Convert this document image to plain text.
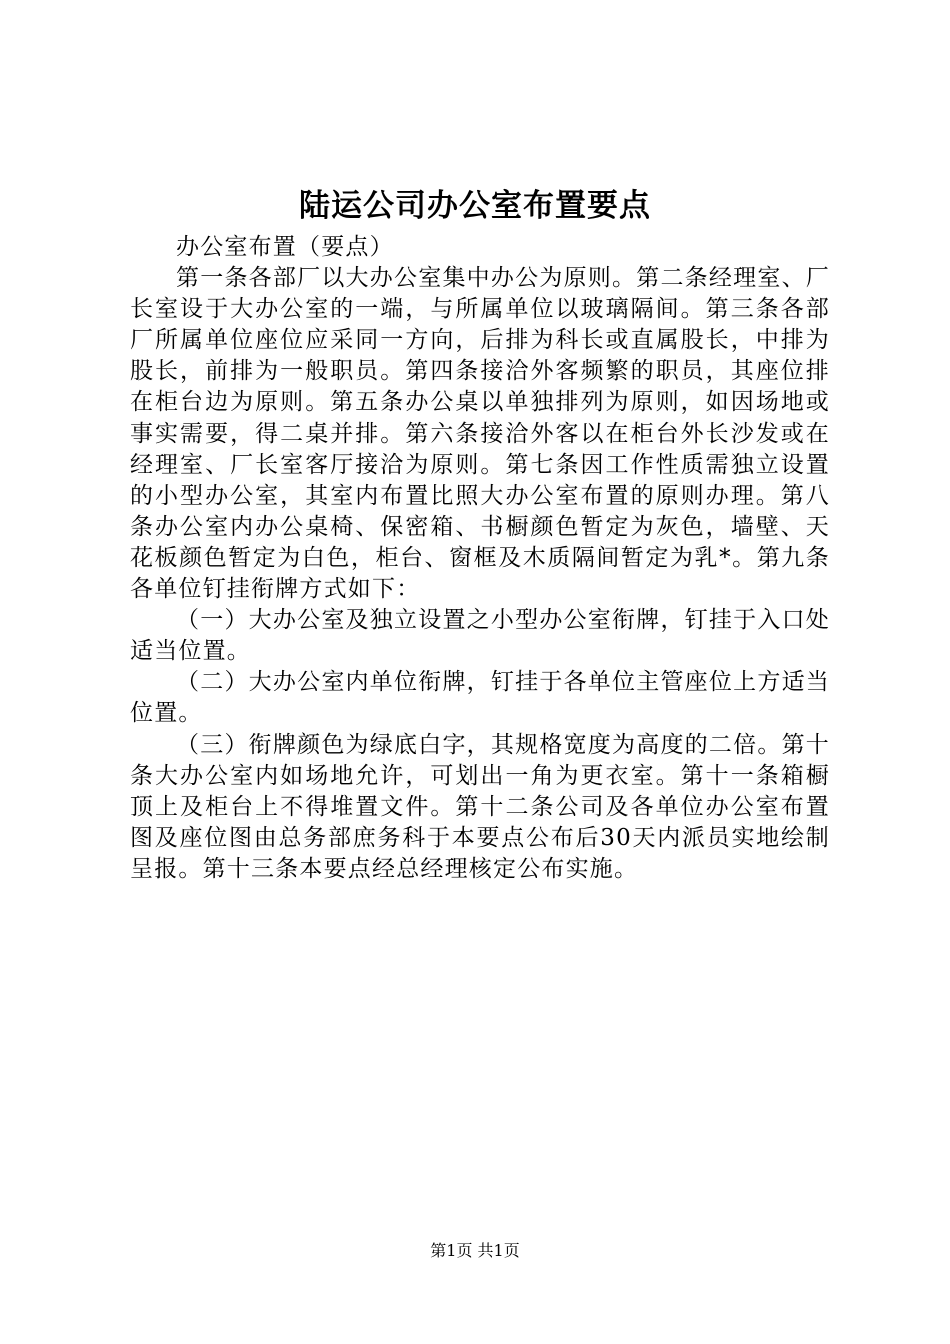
陆运公司办公室布置要点

办公室布置（要点）

第一条各部厂以大办公室集中办公为原则。第二条经理室、厂长室设于大办公室的一端，与所属单位以玻璃隔间。第三条各部厂所属单位座位应采同一方向，后排为科长或直属股长，中排为股长，前排为一般职员。第四条接洽外客频繁的职员，其座位排在柜台边为原则。第五条办公桌以单独排列为原则，如因场地或事实需要，得二桌并排。第六条接洽外客以在柜台外长沙发或在经理室、厂长室客厅接洽为原则。第七条因工作性质需独立设置的小型办公室，其室内布置比照大办公室布置的原则办理。第八条办公室内办公桌椅、保密箱、书橱颜色暂定为灰色，墙壁、天花板颜色暂定为白色，柜台、窗框及木质隔间暂定为乳*。第九条各单位钉挂衔牌方式如下：

（一）大办公室及独立设置之小型办公室衔牌，钉挂于入口处适当位置。

（二）大办公室内单位衔牌，钉挂于各单位主管座位上方适当位置。

（三）衔牌颜色为绿底白字，其规格宽度为高度的二倍。第十条大办公室内如场地允许，可划出一角为更衣室。第十一条箱橱顶上及柜台上不得堆置文件。第十二条公司及各单位办公室布置图及座位图由总务部庶务科于本要点公布后30天内派员实地绘制呈报。第十三条本要点经总经理核定公布实施。

第1页 共1页
